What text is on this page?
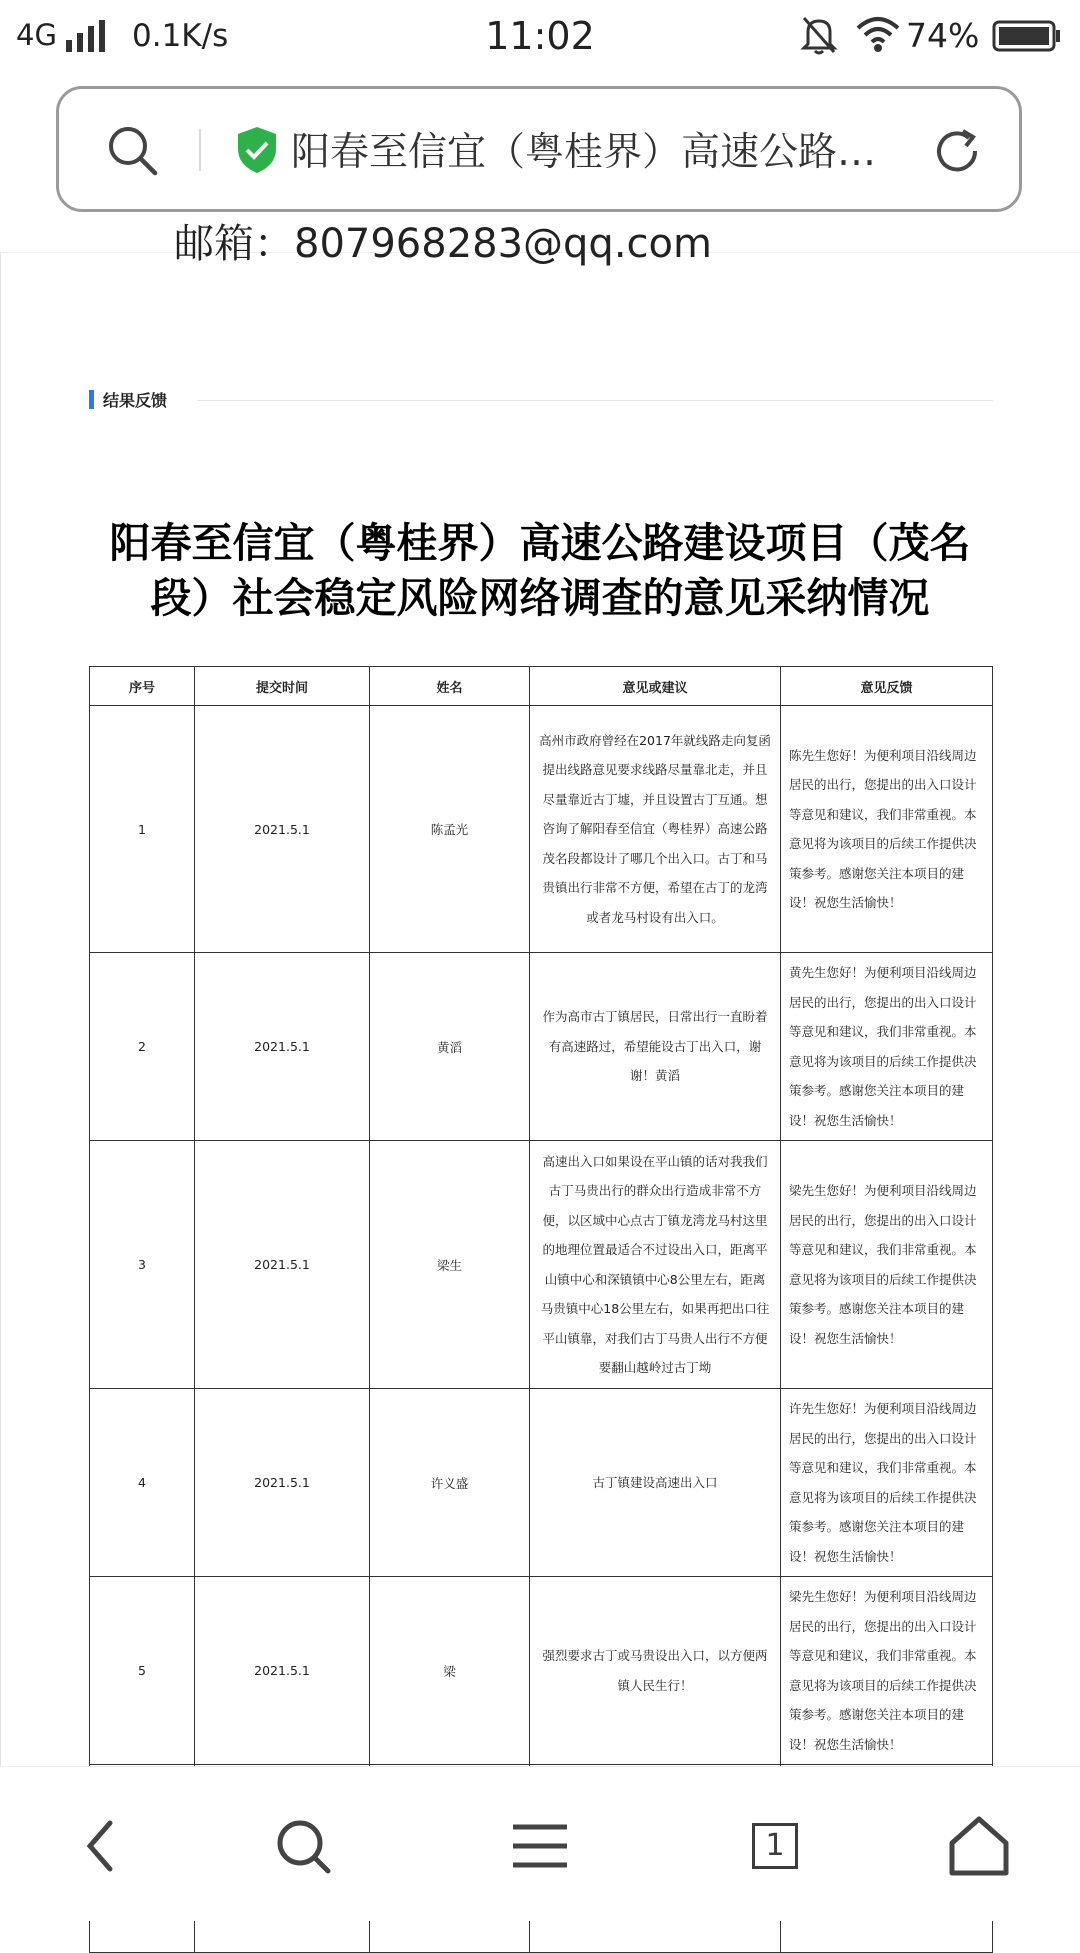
4G 0.1K/s	11:02	74%
阳春至信宜（粤桂界）高速公路…
邮箱：807968283@qq.com
结果反馈
阳春至信宜（粤桂界）高速公路建设项目（茂名
段）社会稳定风险网络调查的意见采纳情况
序号	提交时间	姓名	意见或建议	意见反馈
1	2021.5.1	陈孟光	高州市政府曾经在2017年就线路走向复函提出线路意见要求线路尽量靠北走，并且尽量靠近古丁墟，并且设置古丁互通。想咨询了解阳春至信宜（粤桂界）高速公路茂名段都设计了哪几个出入口。古丁和马贵镇出行非常不方便，希望在古丁的龙湾或者龙马村设有出入口。	陈先生您好！为便利项目沿线周边居民的出行，您提出的出入口设计等意见和建议，我们非常重视。本意见将为该项目的后续工作提供决策参考。感谢您关注本项目的建设！祝您生活愉快！
2	2021.5.1	黄滔	作为高市古丁镇居民，日常出行一直盼着有高速路过，希望能设古丁出入口，谢谢！黄滔	黄先生您好！为便利项目沿线周边居民的出行，您提出的出入口设计等意见和建议，我们非常重视。本意见将为该项目的后续工作提供决策参考。感谢您关注本项目的建设！祝您生活愉快！
3	2021.5.1	梁生	高速出入口如果设在平山镇的话对我我们古丁马贵出行的群众出行造成非常不方便，以区域中心点古丁镇龙湾龙马村这里的地理位置最适合不过设出入口，距离平山镇中心和深镇镇中心8公里左右，距离马贵镇中心18公里左右，如果再把出口往平山镇靠，对我们古丁马贵人出行不方便要翻山越岭过古丁坳	梁先生您好！为便利项目沿线周边居民的出行，您提出的出入口设计等意见和建议，我们非常重视。本意见将为该项目的后续工作提供决策参考。感谢您关注本项目的建设！祝您生活愉快！
4	2021.5.1	许义盛	古丁镇建设高速出入口	许先生您好！为便利项目沿线周边居民的出行，您提出的出入口设计等意见和建议，我们非常重视。本意见将为该项目的后续工作提供决策参考。感谢您关注本项目的建设！祝您生活愉快！
5	2021.5.1	梁	强烈要求古丁或马贵设出入口，以方便两镇人民生行！	梁先生您好！为便利项目沿线周边居民的出行，您提出的出入口设计等意见和建议，我们非常重视。本意见将为该项目的后续工作提供决策参考。感谢您关注本项目的建设！祝您生活愉快！

1
